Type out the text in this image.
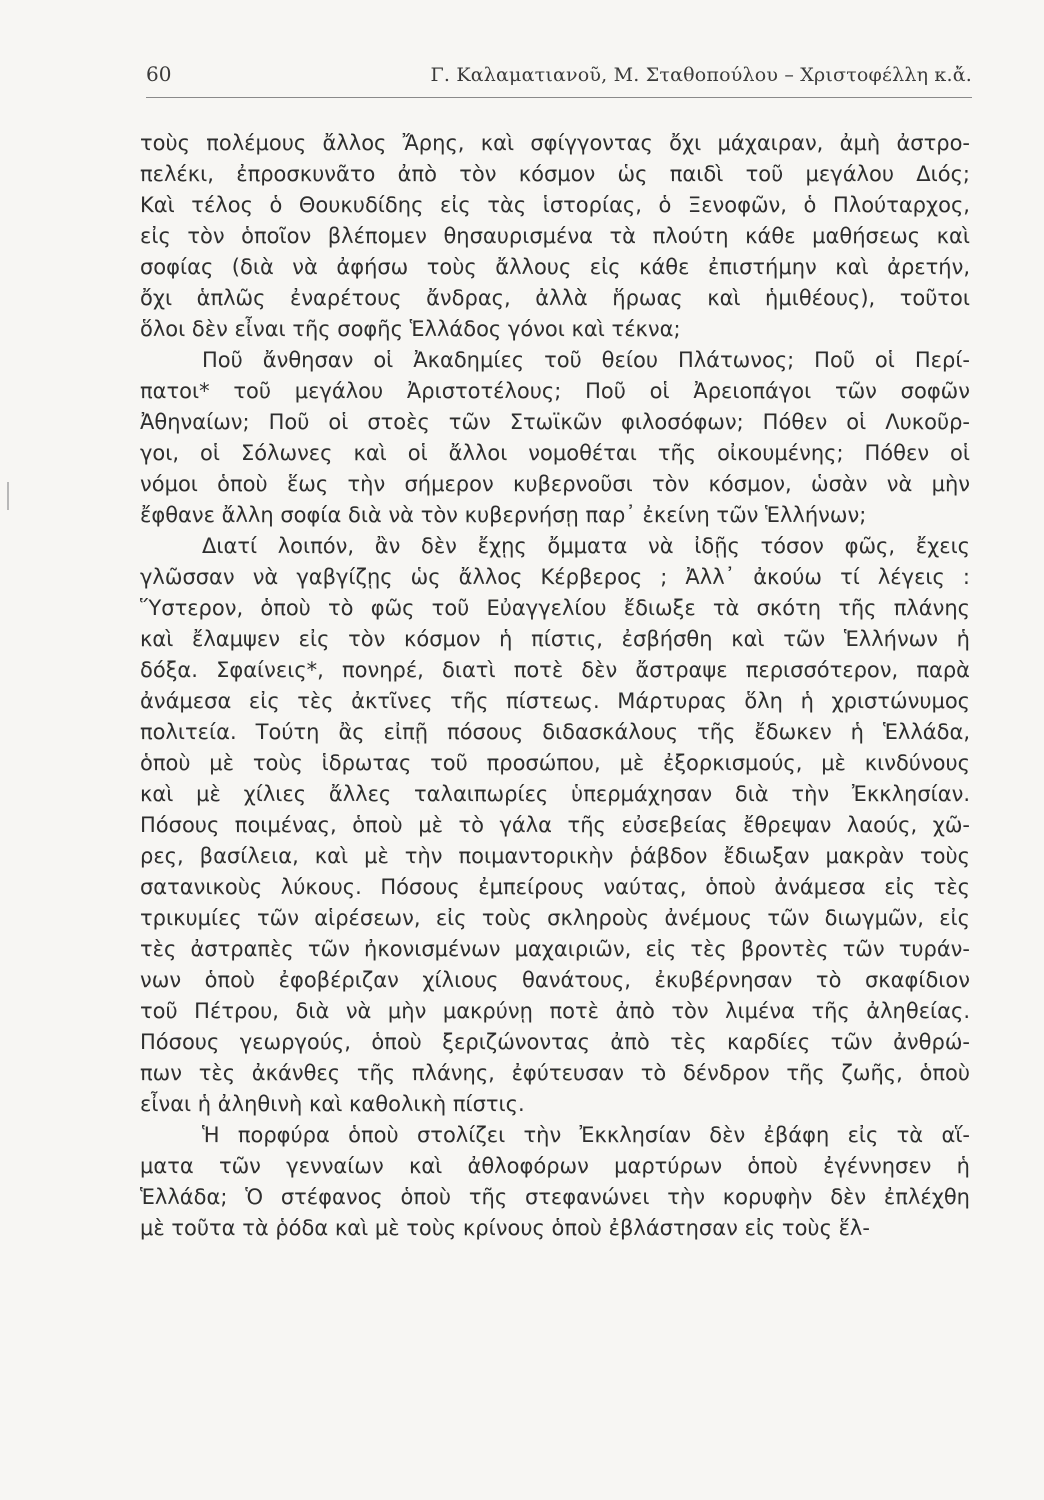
60	Γ. Καλαματιανοῦ, Μ. Σταθοπούλου – Χριστοφέλλη κ.ἄ.
τοὺς πολέμους ἄλλος Ἄρης, καὶ σφίγγοντας ὄχι μάχαιραν, ἀμὴ ἀστρο-
πελέκι, ἐπροσκυνᾶτο ἀπὸ τὸν κόσμον ὡς παιδὶ τοῦ μεγάλου Διός;
Καὶ τέλος ὁ Θουκυδίδης εἰς τὰς ἱστορίας, ὁ Ξενοφῶν, ὁ Πλούταρχος,
εἰς τὸν ὁποῖον βλέπομεν θησαυρισμένα τὰ πλούτη κάθε μαθήσεως καὶ
σοφίας (διὰ νὰ ἀφήσω τοὺς ἄλλους εἰς κάθε ἐπιστήμην καὶ ἀρετήν,
ὄχι ἁπλῶς ἐναρέτους ἄνδρας, ἀλλὰ ἥρωας καὶ ἡμιθέους), τοῦτοι
ὅλοι δὲν εἶναι τῆς σοφῆς Ἑλλάδος γόνοι καὶ τέκνα;
Ποῦ ἄνθησαν οἱ Ἀκαδημίες τοῦ θείου Πλάτωνος; Ποῦ οἱ Περί-
πατοι* τοῦ μεγάλου Ἀριστοτέλους; Ποῦ οἱ Ἀρειοπάγοι τῶν σοφῶν
Ἀθηναίων; Ποῦ οἱ στοὲς τῶν Στωϊκῶν φιλοσόφων; Πόθεν οἱ Λυκοῦρ-
γοι, οἱ Σόλωνες καὶ οἱ ἄλλοι νομοθέται τῆς οἰκουμένης; Πόθεν οἱ
νόμοι ὁποὺ ἕως τὴν σήμερον κυβερνοῦσι τὸν κόσμον, ὡσὰν νὰ μὴν
ἔφθανε ἄλλη σοφία διὰ νὰ τὸν κυβερνήσῃ παρ᾽ ἐκείνη τῶν Ἑλλήνων;
Διατί λοιπόν, ἂν δὲν ἔχῃς ὄμματα νὰ ἰδῇς τόσον φῶς, ἔχεις
γλῶσσαν νὰ γαβγίζῃς ὡς ἄλλος Κέρβερος ; Ἀλλ᾽ ἀκούω τί λέγεις :
Ὕστερον, ὁποὺ τὸ φῶς τοῦ Εὐαγγελίου ἔδιωξε τὰ σκότη τῆς πλάνης
καὶ ἔλαμψεν εἰς τὸν κόσμον ἡ πίστις, ἐσβήσθη καὶ τῶν Ἑλλήνων ἡ
δόξα. Σφαίνεις*, πονηρέ, διατὶ ποτὲ δὲν ἄστραψε περισσότερον, παρὰ
ἀνάμεσα εἰς τὲς ἀκτῖνες τῆς πίστεως. Μάρτυρας ὅλη ἡ χριστώνυμος
πολιτεία. Τούτη ἂς εἰπῇ πόσους διδασκάλους τῆς ἔδωκεν ἡ Ἑλλάδα,
ὁποὺ μὲ τοὺς ἱδρωτας τοῦ προσώπου, μὲ ἐξορκισμούς, μὲ κινδύνους
καὶ μὲ χίλιες ἄλλες ταλαιπωρίες ὑπερμάχησαν διὰ τὴν Ἐκκλησίαν.
Πόσους ποιμένας, ὁποὺ μὲ τὸ γάλα τῆς εὐσεβείας ἔθρεψαν λαούς, χῶ-
ρες, βασίλεια, καὶ μὲ τὴν ποιμαντορικὴν ῥάβδον ἔδιωξαν μακρὰν τοὺς
σατανικοὺς λύκους. Πόσους ἐμπείρους ναύτας, ὁποὺ ἀνάμεσα εἰς τὲς
τρικυμίες τῶν αἱρέσεων, εἰς τοὺς σκληροὺς ἀνέμους τῶν διωγμῶν, εἰς
τὲς ἀστραπὲς τῶν ἠκονισμένων μαχαιριῶν, εἰς τὲς βροντὲς τῶν τυράν-
νων ὁποὺ ἐφοβέριζαν χίλιους θανάτους, ἐκυβέρνησαν τὸ σκαφίδιον
τοῦ Πέτρου, διὰ νὰ μὴν μακρύνῃ ποτὲ ἀπὸ τὸν λιμένα τῆς ἀληθείας.
Πόσους γεωργούς, ὁποὺ ξεριζώνοντας ἀπὸ τὲς καρδίες τῶν ἀνθρώ-
πων τὲς ἀκάνθες τῆς πλάνης, ἐφύτευσαν τὸ δένδρον τῆς ζωῆς, ὁποὺ
εἶναι ἡ ἀληθινὴ καὶ καθολικὴ πίστις.
Ἡ πορφύρα ὁποὺ στολίζει τὴν Ἐκκλησίαν δὲν ἐβάφη εἰς τὰ αἵ-
ματα τῶν γενναίων καὶ ἀθλοφόρων μαρτύρων ὁποὺ ἐγέννησεν ἡ
Ἑλλάδα; Ὁ στέφανος ὁποὺ τῆς στεφανώνει τὴν κορυφὴν δὲν ἐπλέχθη
μὲ τοῦτα τὰ ῥόδα καὶ μὲ τοὺς κρίνους ὁποὺ ἐβλάστησαν εἰς τοὺς ἕλ-
